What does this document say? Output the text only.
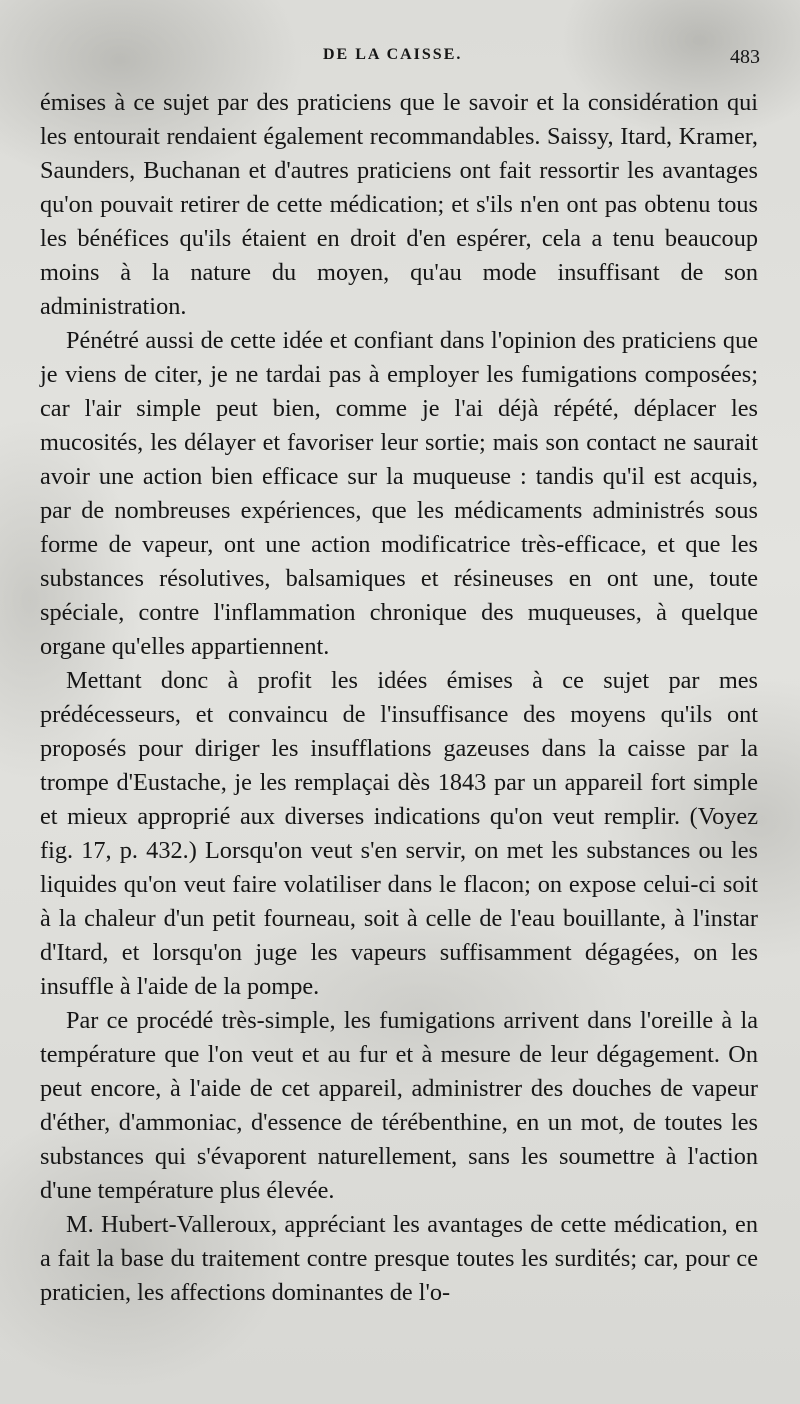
DE LA CAISSE.	483

émises à ce sujet par des praticiens que le savoir et la considération qui les entourait rendaient également recommandables. Saissy, Itard, Kramer, Saunders, Buchanan et d'autres praticiens ont fait ressortir les avantages qu'on pouvait retirer de cette médication; et s'ils n'en ont pas obtenu tous les bénéfices qu'ils étaient en droit d'en espérer, cela a tenu beaucoup moins à la nature du moyen, qu'au mode insuffisant de son administration.

Pénétré aussi de cette idée et confiant dans l'opinion des praticiens que je viens de citer, je ne tardai pas à employer les fumigations composées; car l'air simple peut bien, comme je l'ai déjà répété, déplacer les mucosités, les délayer et favoriser leur sortie; mais son contact ne saurait avoir une action bien efficace sur la muqueuse : tandis qu'il est acquis, par de nombreuses expériences, que les médicaments administrés sous forme de vapeur, ont une action modificatrice très-efficace, et que les substances résolutives, balsamiques et résineuses en ont une, toute spéciale, contre l'inflammation chronique des muqueuses, à quelque organe qu'elles appartiennent.

Mettant donc à profit les idées émises à ce sujet par mes prédécesseurs, et convaincu de l'insuffisance des moyens qu'ils ont proposés pour diriger les insufflations gazeuses dans la caisse par la trompe d'Eustache, je les remplaçai dès 1843 par un appareil fort simple et mieux approprié aux diverses indications qu'on veut remplir. (Voyez fig. 17, p. 432.) Lorsqu'on veut s'en servir, on met les substances ou les liquides qu'on veut faire volatiliser dans le flacon; on expose celui-ci soit à la chaleur d'un petit fourneau, soit à celle de l'eau bouillante, à l'instar d'Itard, et lorsqu'on juge les vapeurs suffisamment dégagées, on les insuffle à l'aide de la pompe.

Par ce procédé très-simple, les fumigations arrivent dans l'oreille à la température que l'on veut et au fur et à mesure de leur dégagement. On peut encore, à l'aide de cet appareil, administrer des douches de vapeur d'éther, d'ammoniac, d'essence de térébenthine, en un mot, de toutes les substances qui s'évaporent naturellement, sans les soumettre à l'action d'une température plus élevée.

M. Hubert-Valleroux, appréciant les avantages de cette médication, en a fait la base du traitement contre presque toutes les surdités; car, pour ce praticien, les affections dominantes de l'o-
